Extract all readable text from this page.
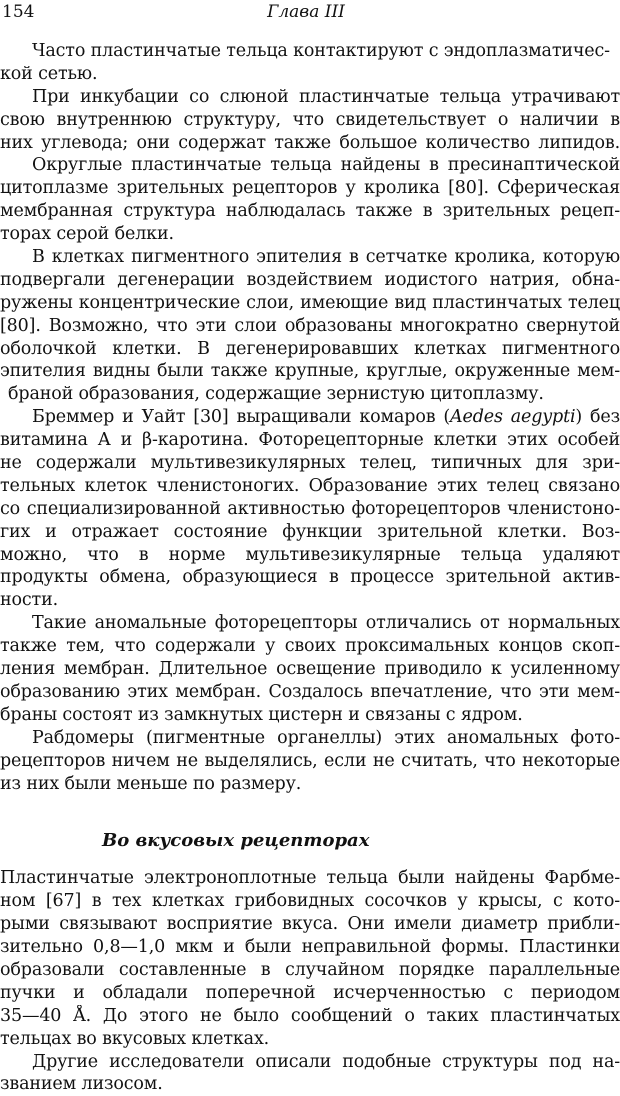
154	Глава III
Часто пластинчатые тельца контактируют с эндоплазматичес-
кой сетью.
При инкубации со слюной пластинчатые тельца утрачивают
свою внутреннюю структуру, что свидетельствует о наличии в
них углевода; они содержат также большое количество липидов.
Округлые пластинчатые тельца найдены в пресинаптической
цитоплазме зрительных рецепторов у кролика [80]. Сферическая
мембранная структура наблюдалась также в зрительных рецеп-
торах серой белки.
В клетках пигментного эпителия в сетчатке кролика, которую
подвергали дегенерации воздействием иодистого натрия, обна-
ружены концентрические слои, имеющие вид пластинчатых телец
[80]. Возможно, что эти слои образованы многократно свернутой
оболочкой клетки. В дегенерировавших клетках пигментного
эпителия видны были также крупные, круглые, окруженные мем-
браной образования, содержащие зернистую цитоплазму.
Бреммер и Уайт [30] выращивали комаров (Aedes aegypti) без
витамина А и β-каротина. Фоторецепторные клетки этих особей
не содержали мультивезикулярных телец, типичных для зри-
тельных клеток членистоногих. Образование этих телец связано
со специализированной активностью фоторецепторов членистоно-
гих и отражает состояние функции зрительной клетки. Воз-
можно, что в норме мультивезикулярные тельца удаляют
продукты обмена, образующиеся в процессе зрительной актив-
ности.
Такие аномальные фоторецепторы отличались от нормальных
также тем, что содержали у своих проксимальных концов скоп-
ления мембран. Длительное освещение приводило к усиленному
образованию этих мембран. Создалось впечатление, что эти мем-
браны состоят из замкнутых цистерн и связаны с ядром.
Рабдомеры (пигментные органеллы) этих аномальных фото-
рецепторов ничем не выделялись, если не считать, что некоторые
из них были меньше по размеру.
Во вкусовых рецепторах
Пластинчатые электроноплотные тельца были найдены Фарбме-
ном [67] в тех клетках грибовидных сосочков у крысы, с кото-
рыми связывают восприятие вкуса. Они имели диаметр прибли-
зительно 0,8—1,0 мкм и были неправильной формы. Пластинки
образовали составленные в случайном порядке параллельные
пучки и обладали поперечной исчерченностью с периодом
35—40 Å. До этого не было сообщений о таких пластинчатых
тельцах во вкусовых клетках.
Другие исследователи описали подобные структуры под на-
званием лизосом.
